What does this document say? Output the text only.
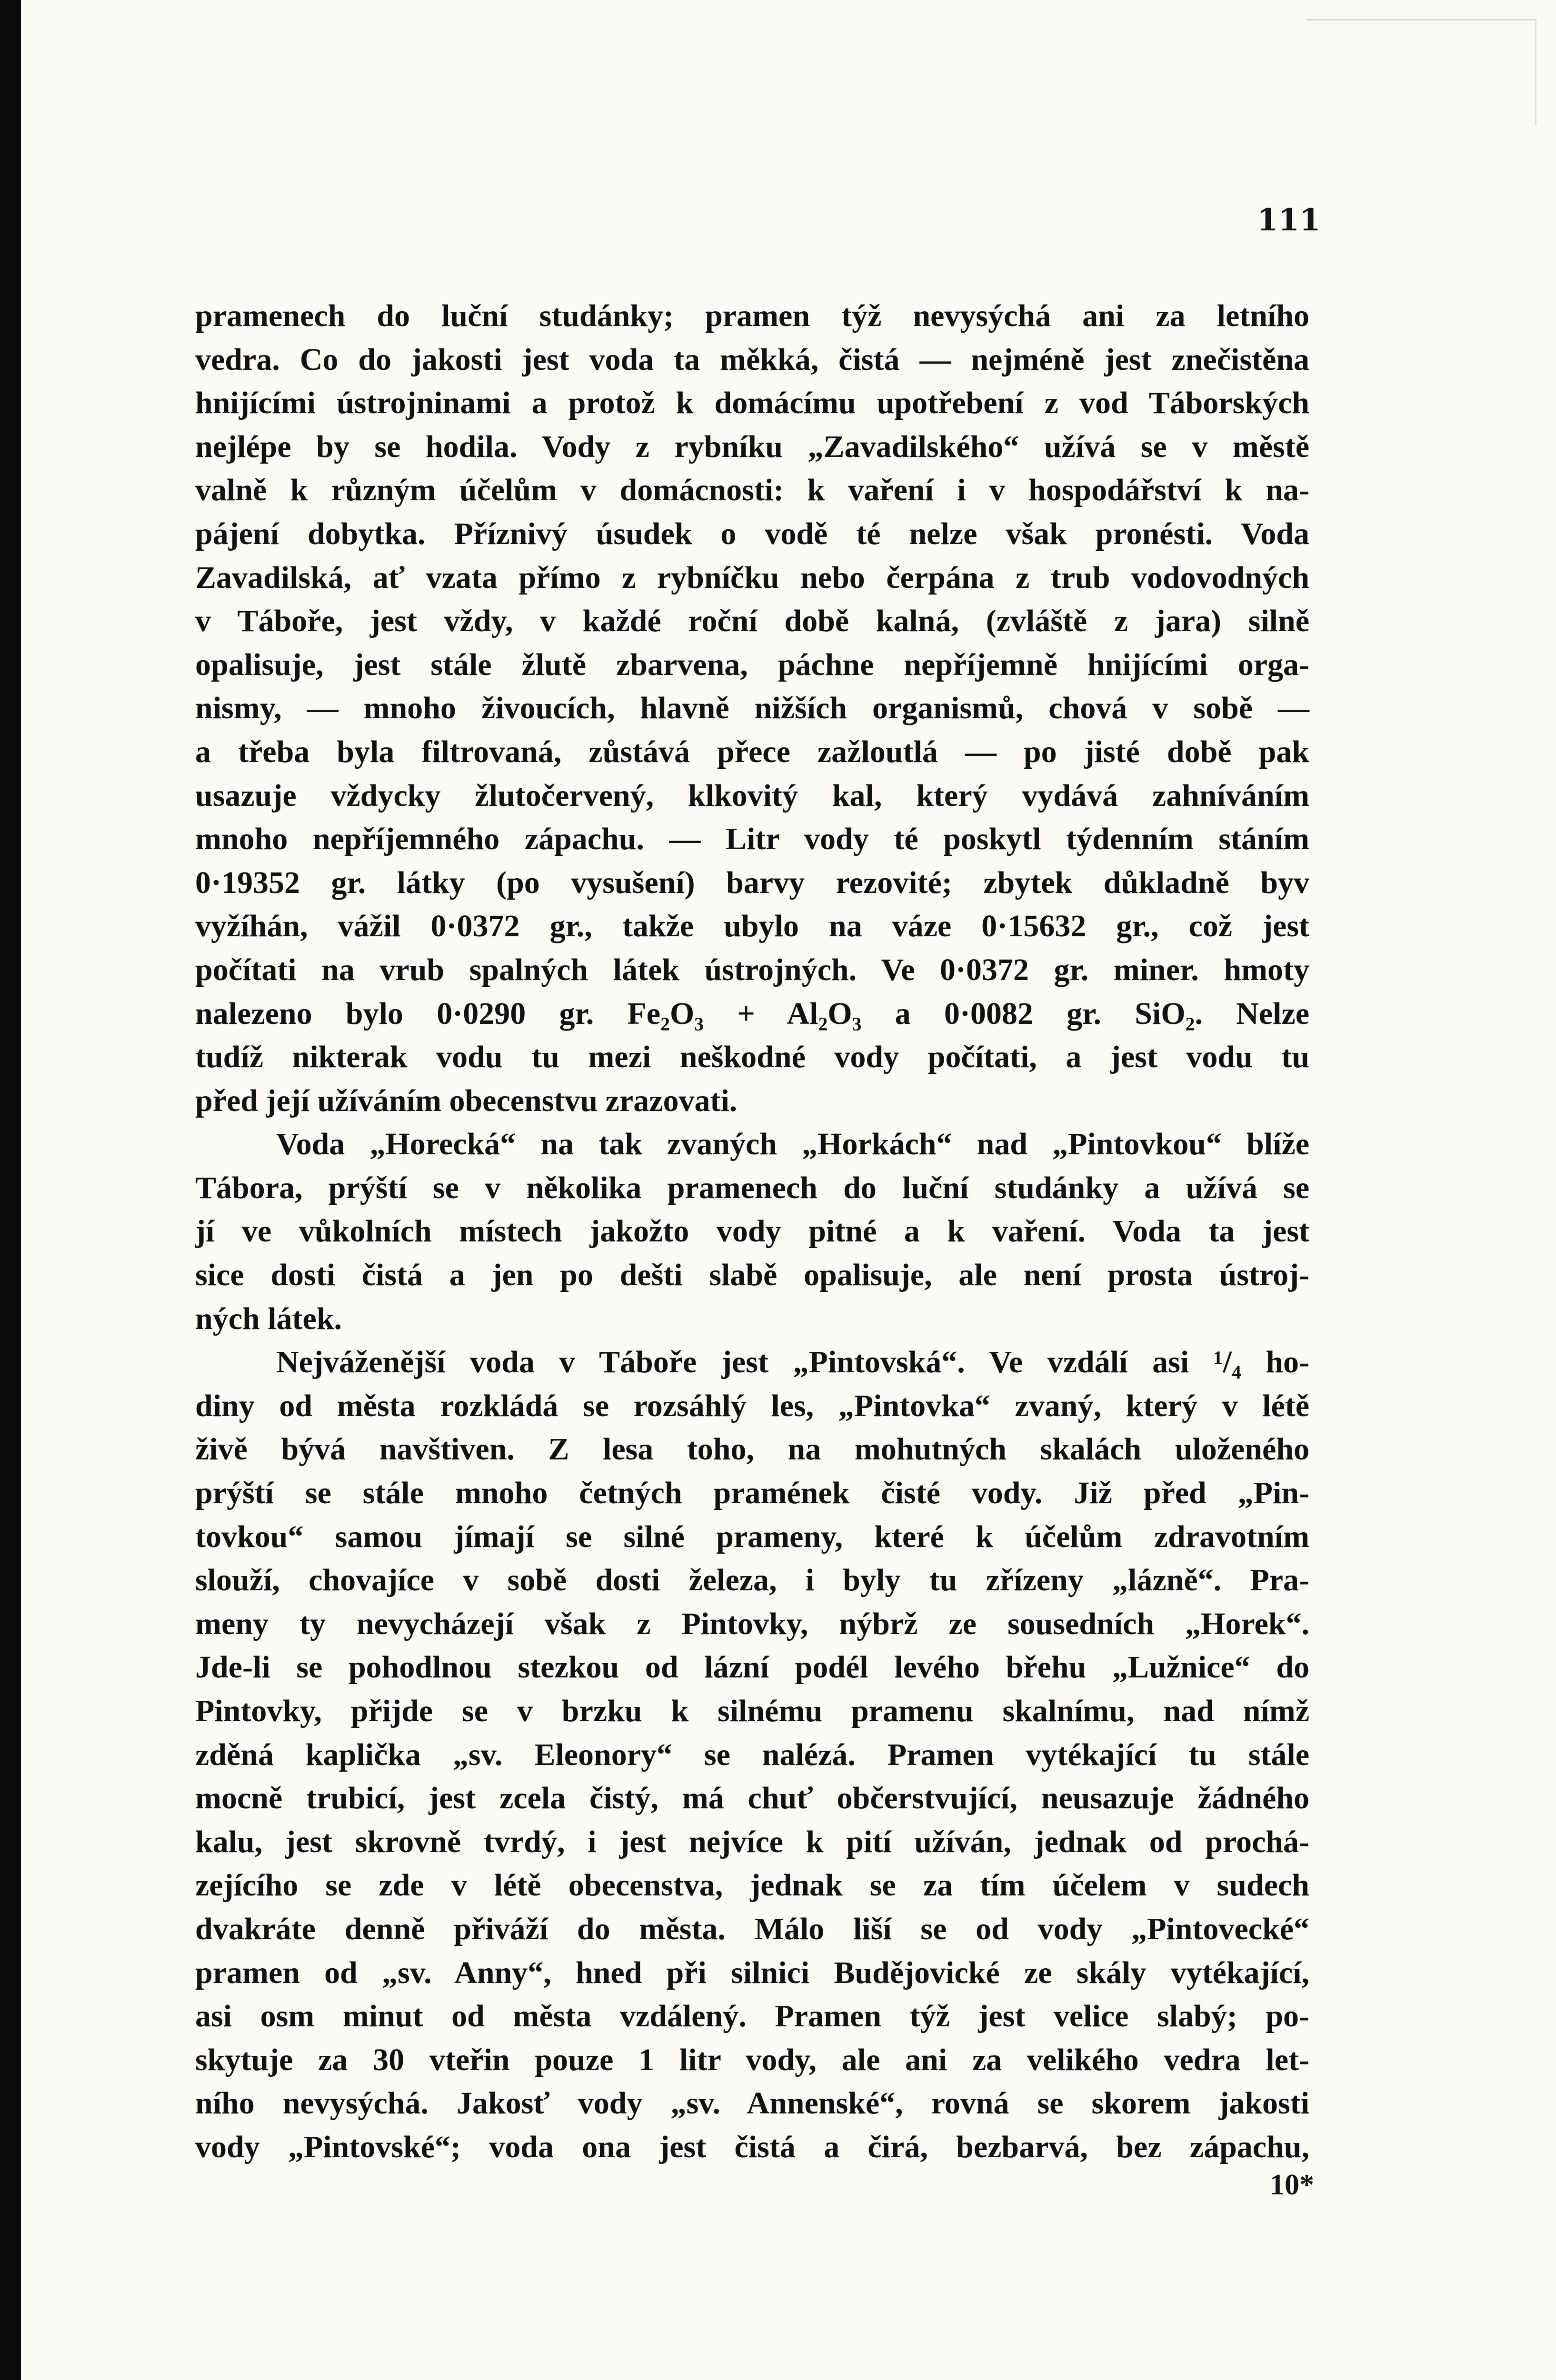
111

pramenech do luční studánky; pramen týž nevysýchá ani za letního

vedra. Co do jakosti jest voda ta měkká, čistá — nejméně jest znečistěna

hnijícími ústrojninami a protož k domácímu upotřebení z vod Táborských

nejlépe by se hodila. Vody z rybníku „Zavadilského“ užívá se v městě

valně k různým účelům v domácnosti: k vaření i v hospodářství k na-

pájení dobytka. Příznivý úsudek o vodě té nelze však pronésti. Voda

Zavadilská, ať vzata přímo z rybníčku nebo čerpána z trub vodovodných

v Táboře, jest vždy, v každé roční době kalná, (zvláště z jara) silně

opalisuje, jest stále žlutě zbarvena, páchne nepříjemně hnijícími orga-

nismy, — mnoho živoucích, hlavně nižších organismů, chová v sobě —

a třeba byla filtrovaná, zůstává přece zažloutlá — po jisté době pak

usazuje vždycky žlutočervený, klkovitý kal, který vydává zahníváním

mnoho nepříjemného zápachu. — Litr vody té poskytl týdenním stáním

0·19352 gr. látky (po vysušení) barvy rezovité; zbytek důkladně byv

vyžíhán, vážil 0·0372 gr., takže ubylo na váze 0·15632 gr., což jest

počítati na vrub spalných látek ústrojných. Ve 0·0372 gr. miner. hmoty

nalezeno bylo 0·0290 gr. Fe₂O₃ + Al₂O₃ a 0·0082 gr. SiO₂. Nelze

tudíž nikterak vodu tu mezi neškodné vody počítati, a jest vodu tu

před její užíváním obecenstvu zrazovati.

Voda „Horecká“ na tak zvaných „Horkách“ nad „Pintovkou“ blíže

Tábora, prýští se v několika pramenech do luční studánky a užívá se

jí ve vůkolních místech jakožto vody pitné a k vaření. Voda ta jest

sice dosti čistá a jen po dešti slabě opalisuje, ale není prosta ústroj-

ných látek.

Nejváženější voda v Táboře jest „Pintovská“. Ve vzdálí asi ¹/₄ ho-

diny od města rozkládá se rozsáhlý les, „Pintovka“ zvaný, který v létě

živě bývá navštiven. Z lesa toho, na mohutných skalách uloženého

prýští se stále mnoho četných pramének čisté vody. Již před „Pin-

tovkou“ samou jímají se silné prameny, které k účelům zdravotním

slouží, chovajíce v sobě dosti železa, i byly tu zřízeny „lázně“. Pra-

meny ty nevycházejí však z Pintovky, nýbrž ze sousedních „Horek“.

Jde-li se pohodlnou stezkou od lázní podél levého břehu „Lužnice“ do

Pintovky, přijde se v brzku k silnému pramenu skalnímu, nad nímž

zděná kaplička „sv. Eleonory“ se nalézá. Pramen vytékající tu stále

mocně trubicí, jest zcela čistý, má chuť občerstvující, neusazuje žádného

kalu, jest skrovně tvrdý, i jest nejvíce k pití užíván, jednak od prochá-

zejícího se zde v létě obecenstva, jednak se za tím účelem v sudech

dvakráte denně přiváží do města. Málo liší se od vody „Pintovecké“

pramen od „sv. Anny“, hned při silnici Budějovické ze skály vytékající,

asi osm minut od města vzdálený. Pramen týž jest velice slabý; po-

skytuje za 30 vteřin pouze 1 litr vody, ale ani za velikého vedra let-

ního nevysýchá. Jakosť vody „sv. Annenské“, rovná se skorem jakosti

vody „Pintovské“; voda ona jest čistá a čirá, bezbarvá, bez zápachu,

10*
